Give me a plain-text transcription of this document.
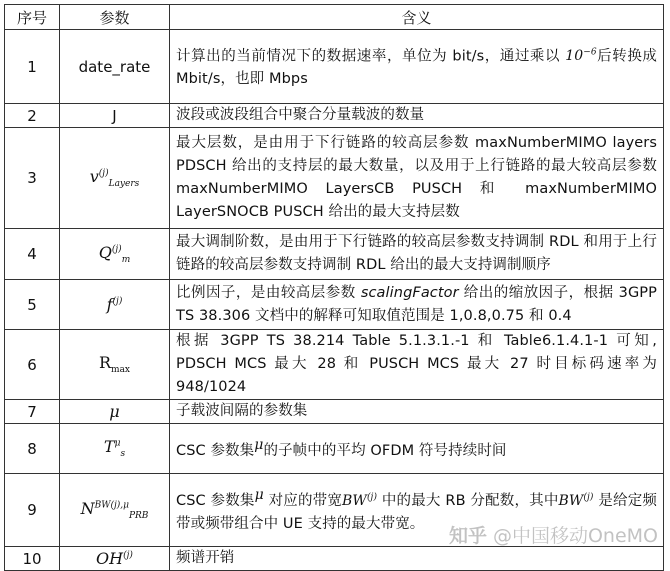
序号	参数	含义
1	date_rate	计算出的当前情况下的数据速率，单位为 bit/s，通过乘以 $10^{-6}$后转换成 Mbit/s，也即 Mbps
2	J	波段或波段组合中聚合分量载波的数量
3	$v^{(j)}_{Layers}$	最大层数，是由用于下行链路的较高层参数 maxNumberMIMO layers PDSCH 给出的支持层的最大数量，以及用于上行链路的最大较高层参数 maxNumberMIMO LayersCB PUSCH 和 maxNumberMIMO LayerSNOCB PUSCH 给出的最大支持层数
4	$Q^{(j)}_m$	最大调制阶数，是由用于下行链路的较高层参数支持调制 RDL 和用于上行链路的较高层参数支持调制 RDL 给出的最大支持调制顺序
5	$f^{(j)}$	比例因子，是由较高层参数 scalingFactor 给出的缩放因子，根据 3GPP TS 38.306 文档中的解释可知取值范围是 1,0.8,0.75 和 0.4
6	$R_{max}$	根据 3GPP TS 38.214 Table 5.1.3.1.-1 和 Table6.1.4.1-1 可知, PDSCH MCS 最大 28 和 PUSCH MCS 最大 27 时目标码速率为 948/1024
7	μ	子载波间隔的参数集
8	$T^\mu_s$	CSC 参数集$^\mu$的子帧中的平均 OFDM 符号持续时间
9	$N^{BW(j),\mu}_{PRB}$	CSC 参数集$^\mu$ 对应的带宽BW$^{(j)}$ 中的最大 RB 分配数，其中BW$^{(j)}$ 是给定频带或频带组合中 UE 支持的最大带宽。
10	OH$^{(j)}$	频谱开销
知乎 @中国移动OneMO
